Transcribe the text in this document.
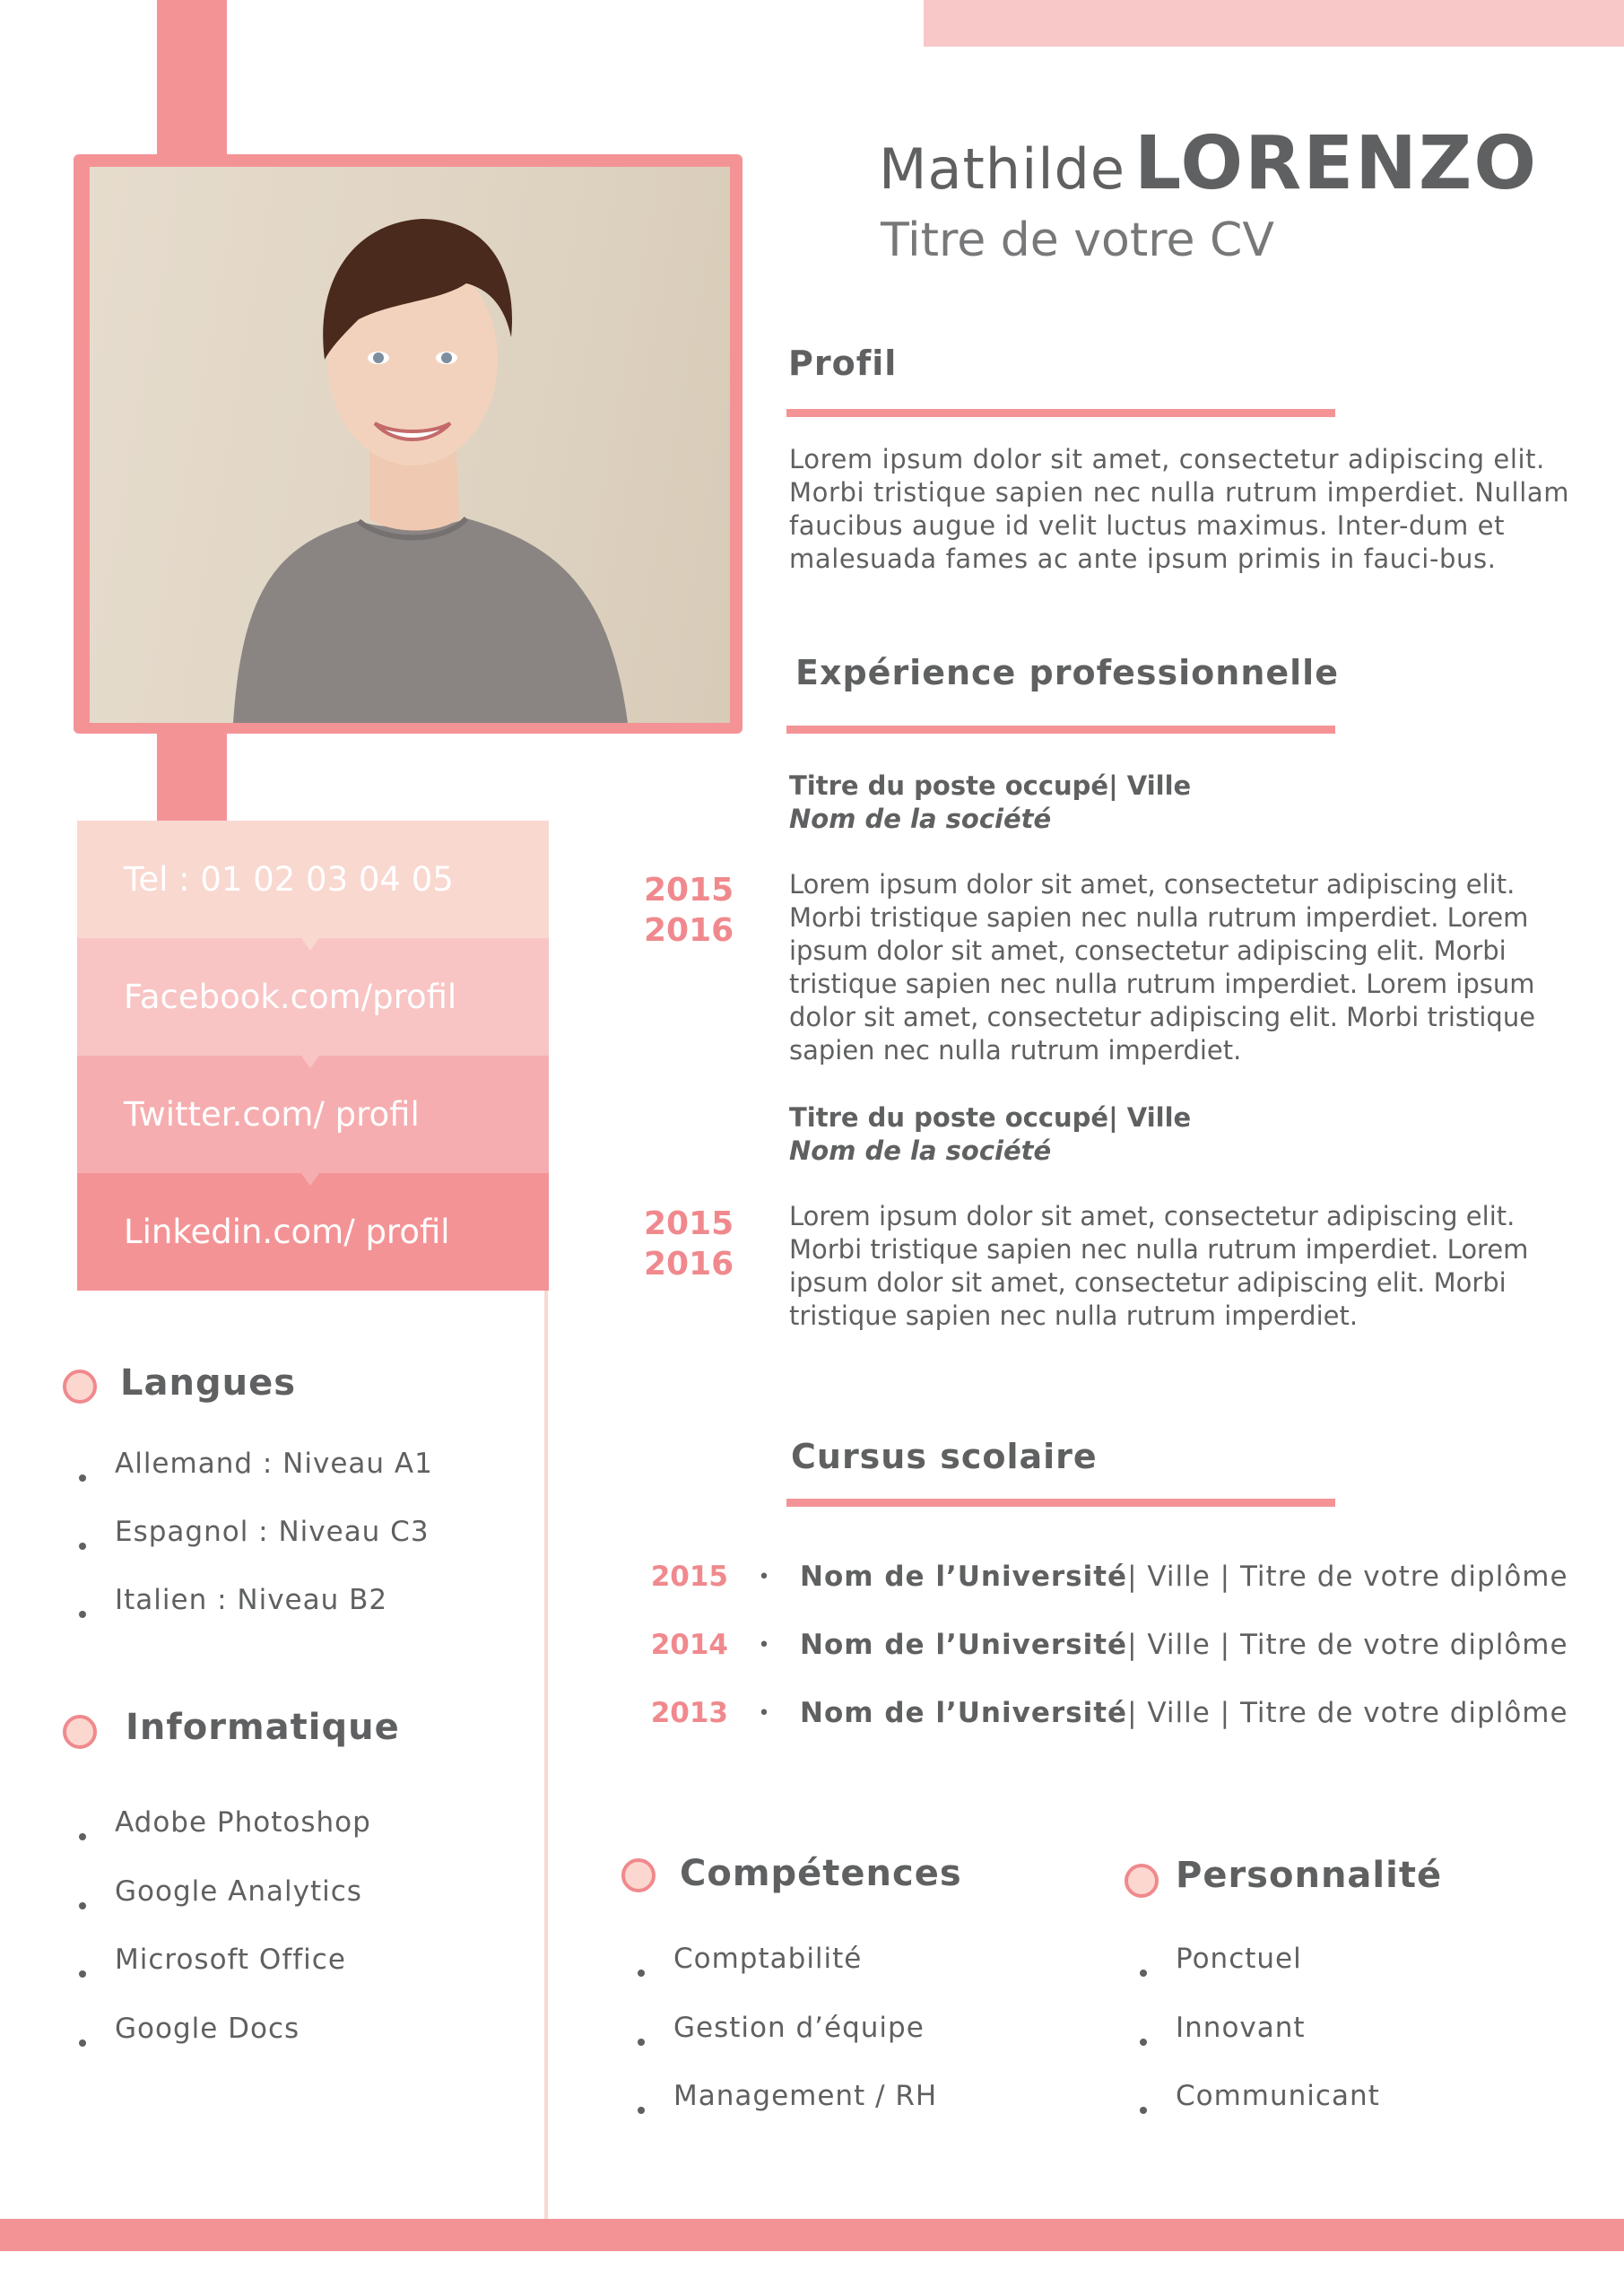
Mathilde LORENZO
Titre de votre CV
Tel : 01 02 03 04 05
Facebook.com/profil
Twitter.com/ profil
Linkedin.com/ profil
Profil
Lorem ipsum dolor sit amet, consectetur adipiscing elit. Morbi tristique sapien nec nulla rutrum imperdiet. Nullam faucibus augue id velit luctus maximus. Inter-dum et malesuada fames ac ante ipsum primis in fauci-bus.
Expérience professionnelle
Titre du poste occupé| Ville
Nom de la société
2015
2016
Lorem ipsum dolor sit amet, consectetur adipiscing elit. Morbi tristique sapien nec nulla rutrum imperdiet. Lorem ipsum dolor sit amet, consectetur adipiscing elit. Morbi tristique sapien nec nulla rutrum imperdiet. Lorem ipsum dolor sit amet, consectetur adipiscing elit. Morbi tristique sapien nec nulla rutrum imperdiet.
Titre du poste occupé| Ville
Nom de la société
2015
2016
Lorem ipsum dolor sit amet, consectetur adipiscing elit. Morbi tristique sapien nec nulla rutrum imperdiet. Lorem ipsum dolor sit amet, consectetur adipiscing elit. Morbi tristique sapien nec nulla rutrum imperdiet.
Cursus scolaire
2015	•	Nom de l’Université | Ville | Titre de votre diplôme
2014	•	Nom de l’Université | Ville | Titre de votre diplôme
2013	•	Nom de l’Université | Ville | Titre de votre diplôme
Langues
Allemand : Niveau A1
Espagnol : Niveau C3
Italien : Niveau B2
Informatique
Adobe Photoshop
Google Analytics
Microsoft Office
Google Docs
Compétences
Comptabilité
Gestion d’équipe
Management / RH
Personnalité
Ponctuel
Innovant
Communicant
